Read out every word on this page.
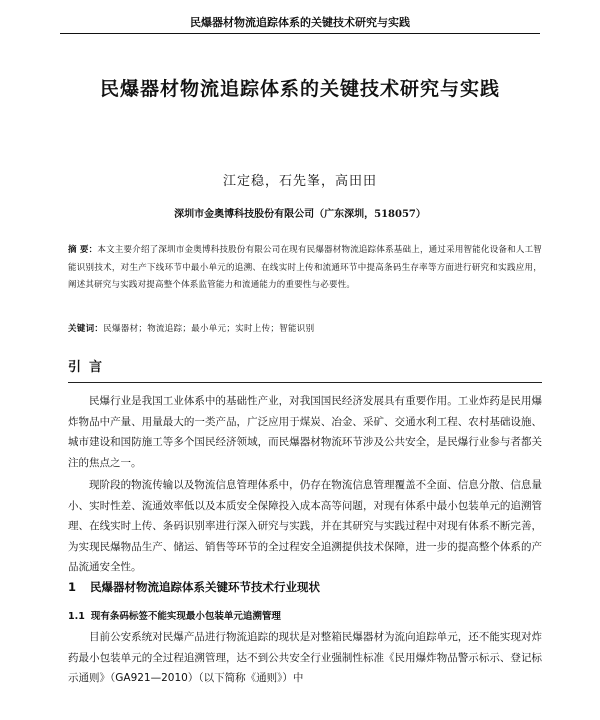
民爆器材物流追踪体系的关键技术研究与实践
民爆器材物流追踪体系的关键技术研究与实践
江定稳，石先峯，高田田
深圳市金奥博科技股份有限公司（广东深圳，518057）
摘 要：本文主要介绍了深圳市金奥博科技股份有限公司在现有民爆器材物流追踪体系基础上，通过采用智能化设备和人工智能识别技术，对生产下线环节中最小单元的追溯、在线实时上传和流通环节中提高条码生存率等方面进行研究和实践应用，阐述其研究与实践对提高整个体系监管能力和流通能力的重要性与必要性。
关键词：民爆器材；物流追踪；最小单元；实时上传；智能识别
引言

民爆行业是我国工业体系中的基础性产业，对我国国民经济发展具有重要作用。工业炸药是民用爆炸物品中产量、用量最大的一类产品，广泛应用于煤炭、冶金、采矿、交通水利工程、农村基础设施、城市建设和国防施工等多个国民经济领域，而民爆器材物流环节涉及公共安全，是民爆行业参与者都关注的焦点之一。

现阶段的物流传输以及物流信息管理体系中，仍存在物流信息管理覆盖不全面、信息分散、信息量小、实时性差、流通效率低以及本质安全保障投入成本高等问题，对现有体系中最小包装单元的追溯管理、在线实时上传、条码识别率进行深入研究与实践，并在其研究与实践过程中对现有体系不断完善，为实现民爆物品生产、储运、销售等环节的全过程安全追溯提供技术保障，进一步的提高整个体系的产品流通安全性。

1 民爆器材物流追踪体系关键环节技术行业现状
1.1 现有条码标签不能实现最小包装单元追溯管理

目前公安系统对民爆产品进行物流追踪的现状是对整箱民爆器材为流向追踪单元，还不能实现对炸药最小包装单元的全过程追溯管理，达不到公共安全行业强制性标准《民用爆炸物品警示标示、登记标示通则》（GA921—2010）（以下简称《通则》）中
